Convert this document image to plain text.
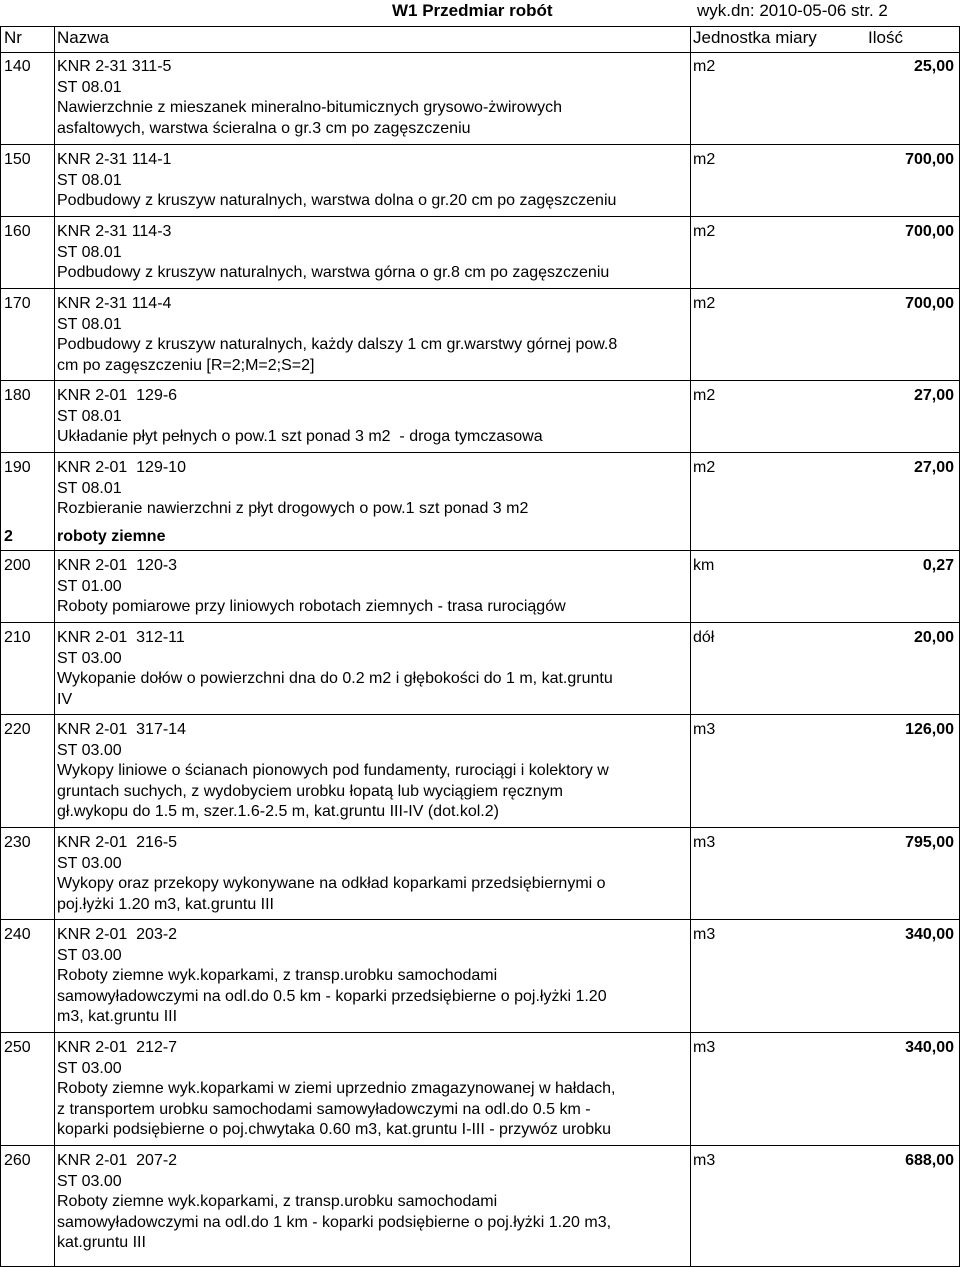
W1 Przedmiar robót	wyk.dn: 2010-05-06 str. 2
Nr Nazwa	Jednostka miary	Ilość
140 KNR 2-31 311-5
ST 08.01
Nawierzchnie z mieszanek mineralno-bitumicznych grysowo-żwirowych
asfaltowych, warstwa ścieralna o gr.3 cm po zagęszczeniu
m2	25,00
150 KNR 2-31 114-1
ST 08.01
Podbudowy z kruszyw naturalnych, warstwa dolna o gr.20 cm po zagęszczeniu
m2	700,00
160 KNR 2-31 114-3
ST 08.01
Podbudowy z kruszyw naturalnych, warstwa górna o gr.8 cm po zagęszczeniu
m2	700,00
170 KNR 2-31 114-4
ST 08.01
Podbudowy z kruszyw naturalnych, każdy dalszy 1 cm gr.warstwy górnej pow.8
cm po zagęszczeniu [R=2;M=2;S=2]
m2	700,00
180 KNR 2-01  129-6
ST 08.01
Układanie płyt pełnych o pow.1 szt ponad 3 m2  - droga tymczasowa
m2	27,00
190 KNR 2-01  129-10
ST 08.01
Rozbieranie nawierzchni z płyt drogowych o pow.1 szt ponad 3 m2
m2	27,00
2	roboty ziemne
200 KNR 2-01  120-3
ST 01.00
Roboty pomiarowe przy liniowych robotach ziemnych - trasa rurociągów
km	0,27
210 KNR 2-01  312-11
ST 03.00
Wykopanie dołów o powierzchni dna do 0.2 m2 i głębokości do 1 m, kat.gruntu
IV
dół	20,00
220 KNR 2-01  317-14
ST 03.00
Wykopy liniowe o ścianach pionowych pod fundamenty, rurociągi i kolektory w
gruntach suchych, z wydobyciem urobku łopatą lub wyciągiem ręcznym
gł.wykopu do 1.5 m, szer.1.6-2.5 m, kat.gruntu III-IV (dot.kol.2)
m3	126,00
230 KNR 2-01  216-5
ST 03.00
Wykopy oraz przekopy wykonywane na odkład koparkami przedsiębiernymi o
poj.łyżki 1.20 m3, kat.gruntu III
m3	795,00
240 KNR 2-01  203-2
ST 03.00
Roboty ziemne wyk.koparkami, z transp.urobku samochodami
samowyładowczymi na odl.do 0.5 km - koparki przedsiębierne o poj.łyżki 1.20
m3, kat.gruntu III
m3	340,00
250 KNR 2-01  212-7
ST 03.00
Roboty ziemne wyk.koparkami w ziemi uprzednio zmagazynowanej w hałdach,
z transportem urobku samochodami samowyładowczymi na odl.do 0.5 km -
koparki podsiębierne o poj.chwytaka 0.60 m3, kat.gruntu I-III - przywóz urobku
m3	340,00
260 KNR 2-01  207-2
ST 03.00
Roboty ziemne wyk.koparkami, z transp.urobku samochodami
samowyładowczymi na odl.do 1 km - koparki podsiębierne o poj.łyżki 1.20 m3,
kat.gruntu III
m3	688,00
